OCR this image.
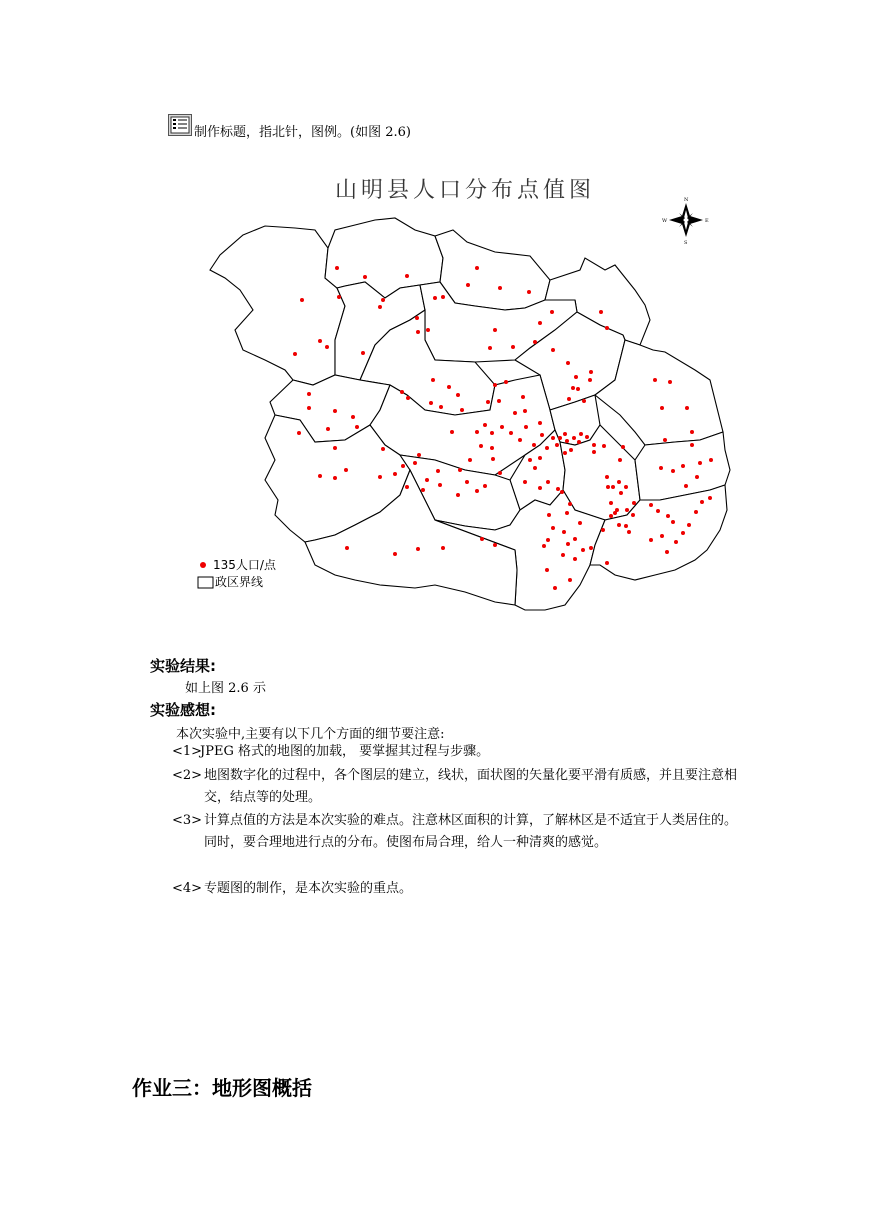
制作标题，指北针，图例。(如图 2.6)
山明县人口分布点值图	N
S
E
W
135人口/点
政区界线
实验结果:
如上图 2.6 示
实验感想:
本次实验中,主要有以下几个方面的细节要注意:
<1>
JPEG 格式的地图的加载， 要掌握其过程与步骤。
<2> 地图数字化的过程中，各个图层的建立，线状，面状图的矢量化要平滑有质感，并且要注意相交，结点等的处理。
<3> 计算点值的方法是本次实验的难点。注意林区面积的计算，了解林区是不适宜于人类居住的。同时，要合理地进行点的分布。使图布局合理，给人一种清爽的感觉。
<4> 专题图的制作，是本次实验的重点。
作业三：地形图概括
